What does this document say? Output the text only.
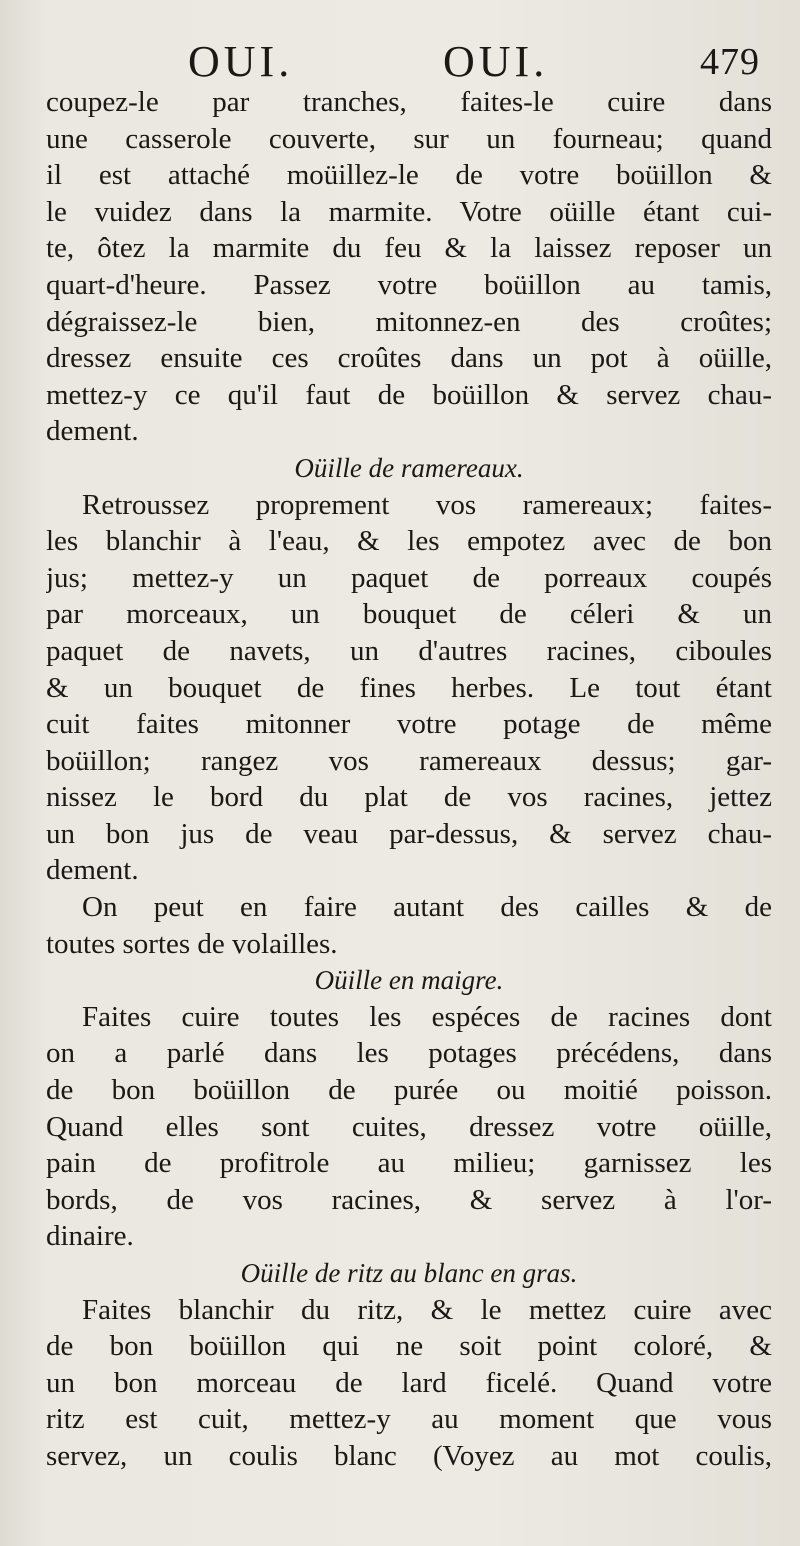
OUI.	OUI.	479
coupez-le par tranches, faites-le cuire dans
une casserole couverte, sur un fourneau; quand
il est attaché moüillez-le de votre boüillon &
le vuidez dans la marmite. Votre oüille étant cui-
te, ôtez la marmite du feu & la laissez reposer un
quart-d'heure. Passez votre boüillon au tamis,
dégraissez-le bien, mitonnez-en des croûtes;
dressez ensuite ces croûtes dans un pot à oüille,
mettez-y ce qu'il faut de boüillon & servez chau-
dement.
Oüille de ramereaux.
Retroussez proprement vos ramereaux; faites-
les blanchir à l'eau, & les empotez avec de bon
jus; mettez-y un paquet de porreaux coupés
par morceaux, un bouquet de céleri & un
paquet de navets, un d'autres racines, ciboules
& un bouquet de fines herbes. Le tout étant
cuit faites mitonner votre potage de même
boüillon; rangez vos ramereaux dessus; gar-
nissez le bord du plat de vos racines, jettez
un bon jus de veau par-dessus, & servez chau-
dement.
On peut en faire autant des cailles & de
toutes sortes de volailles.
Oüille en maigre.
Faites cuire toutes les espéces de racines dont
on a parlé dans les potages précédens, dans
de bon boüillon de purée ou moitié poisson.
Quand elles sont cuites, dressez votre oüille,
pain de profitrole au milieu; garnissez les
bords, de vos racines, & servez à l'or-
dinaire.
Oüille de ritz au blanc en gras.
Faites blanchir du ritz, & le mettez cuire avec
de bon boüillon qui ne soit point coloré, &
un bon morceau de lard ficelé. Quand votre
ritz est cuit, mettez-y au moment que vous
servez, un coulis blanc (Voyez au mot coulis,
